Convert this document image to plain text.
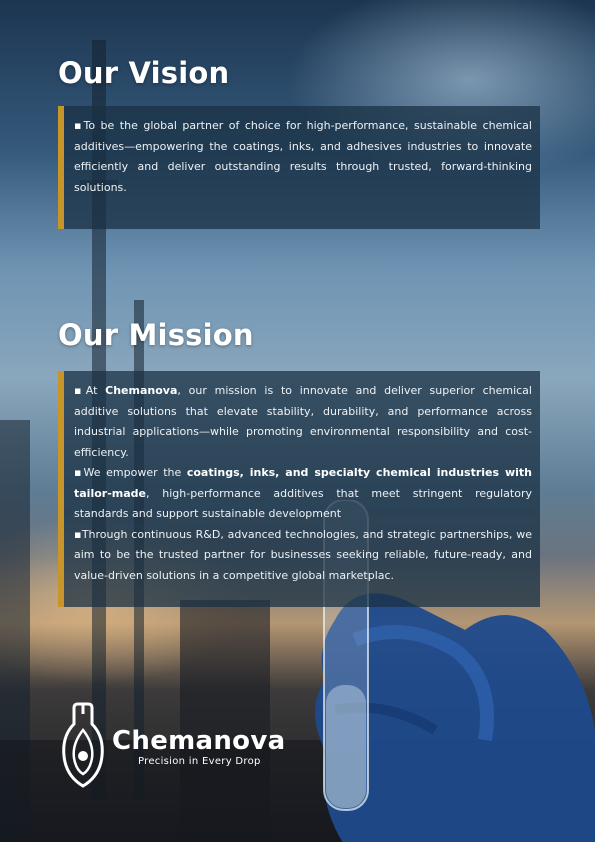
Our Vision

▪To be the global partner of choice for high-performance, sustainable chemical additives—empowering the coatings, inks, and adhesives industries to innovate efficiently and deliver outstanding results through trusted, forward-thinking solutions.

Our Mission

▪At Chemanova, our mission is to innovate and deliver superior chemical additive solutions that elevate stability, durability, and performance across industrial applications—while promoting environmental responsibility and cost-efficiency.

▪We empower the coatings, inks, and specialty chemical industries with tailor-made, high-performance additives that meet stringent regulatory standards and support sustainable development

▪Through continuous R&D, advanced technologies, and strategic partnerships, we aim to be the trusted partner for businesses seeking reliable, future-ready, and value-driven solutions in a competitive global marketplac.

Chemanova

Precision in Every Drop
